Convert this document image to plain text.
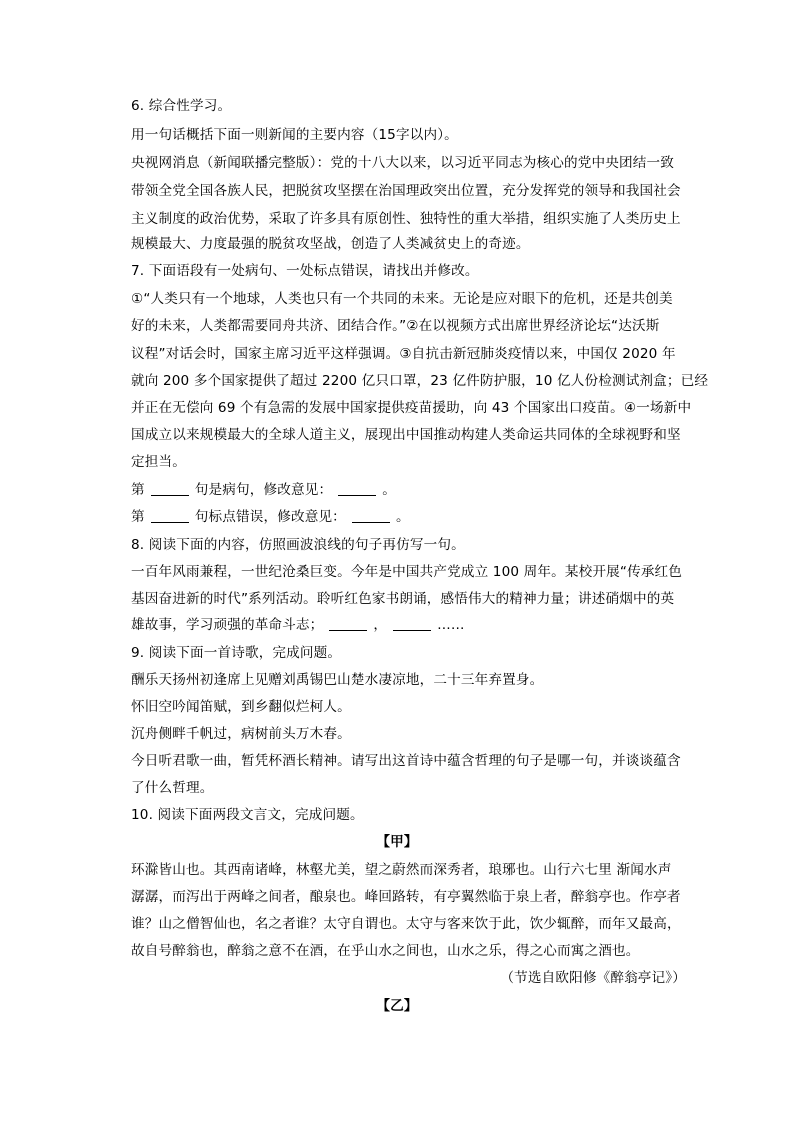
6. 综合性学习。
用一句话概括下面一则新闻的主要内容（15字以内）。
央视网消息（新闻联播完整版）：党的十八大以来，以习近平同志为核心的党中央团结一致
带领全党全国各族人民，把脱贫攻坚摆在治国理政突出位置，充分发挥党的领导和我国社会
主义制度的政治优势，采取了许多具有原创性、独特性的重大举措，组织实施了人类历史上
规模最大、力度最强的脱贫攻坚战，创造了人类减贫史上的奇迹。
7. 下面语段有一处病句、一处标点错误，请找出并修改。
①“人类只有一个地球，人类也只有一个共同的未来。无论是应对眼下的危机，还是共创美
好的未来，人类都需要同舟共济、团结合作。”②在以视频方式出席世界经济论坛“达沃斯
议程”对话会时，国家主席习近平这样强调。③自抗击新冠肺炎疫情以来，中国仅 2020 年
就向 200 多个国家提供了超过 2200 亿只口罩，23 亿件防护服，10 亿人份检测试剂盒；已经
并正在无偿向 69 个有急需的发展中国家提供疫苗援助，向 43 个国家出口疫苗。④一场新中
国成立以来规模最大的全球人道主义，展现出中国推动构建人类命运共同体的全球视野和坚
定担当。
第	句是病句，修改意见：	。
第	句标点错误，修改意见：	。
8. 阅读下面的内容，仿照画波浪线的句子再仿写一句。
一百年风雨兼程，一世纪沧桑巨变。今年是中国共产党成立 100 周年。某校开展“传承红色
基因奋进新的时代”系列活动。聆听红色家书朗诵，感悟伟大的精神力量；讲述硝烟中的英
雄故事，学习顽强的革命斗志；	，	……
9. 阅读下面一首诗歌，完成问题。
酬乐天扬州初逢席上见赠刘禹锡巴山楚水凄凉地，二十三年弃置身。
怀旧空吟闻笛赋，到乡翻似烂柯人。
沉舟侧畔千帆过，病树前头万木春。
今日听君歌一曲，暂凭杯酒长精神。请写出这首诗中蕴含哲理的句子是哪一句，并谈谈蕴含
了什么哲理。
10. 阅读下面两段文言文，完成问题。
【甲】
环滁皆山也。其西南诸峰，林壑尤美，望之蔚然而深秀者，琅琊也。山行六七里 渐闻水声
潺潺，而泻出于两峰之间者，酿泉也。峰回路转，有亭翼然临于泉上者，醉翁亭也。作亭者
谁？山之僧智仙也，名之者谁？太守自谓也。太守与客来饮于此，饮少辄醉，而年又最高，
故自号醉翁也，醉翁之意不在酒，在乎山水之间也，山水之乐，得之心而寓之酒也。
（节选自欧阳修《醉翁亭记》）
【乙】
